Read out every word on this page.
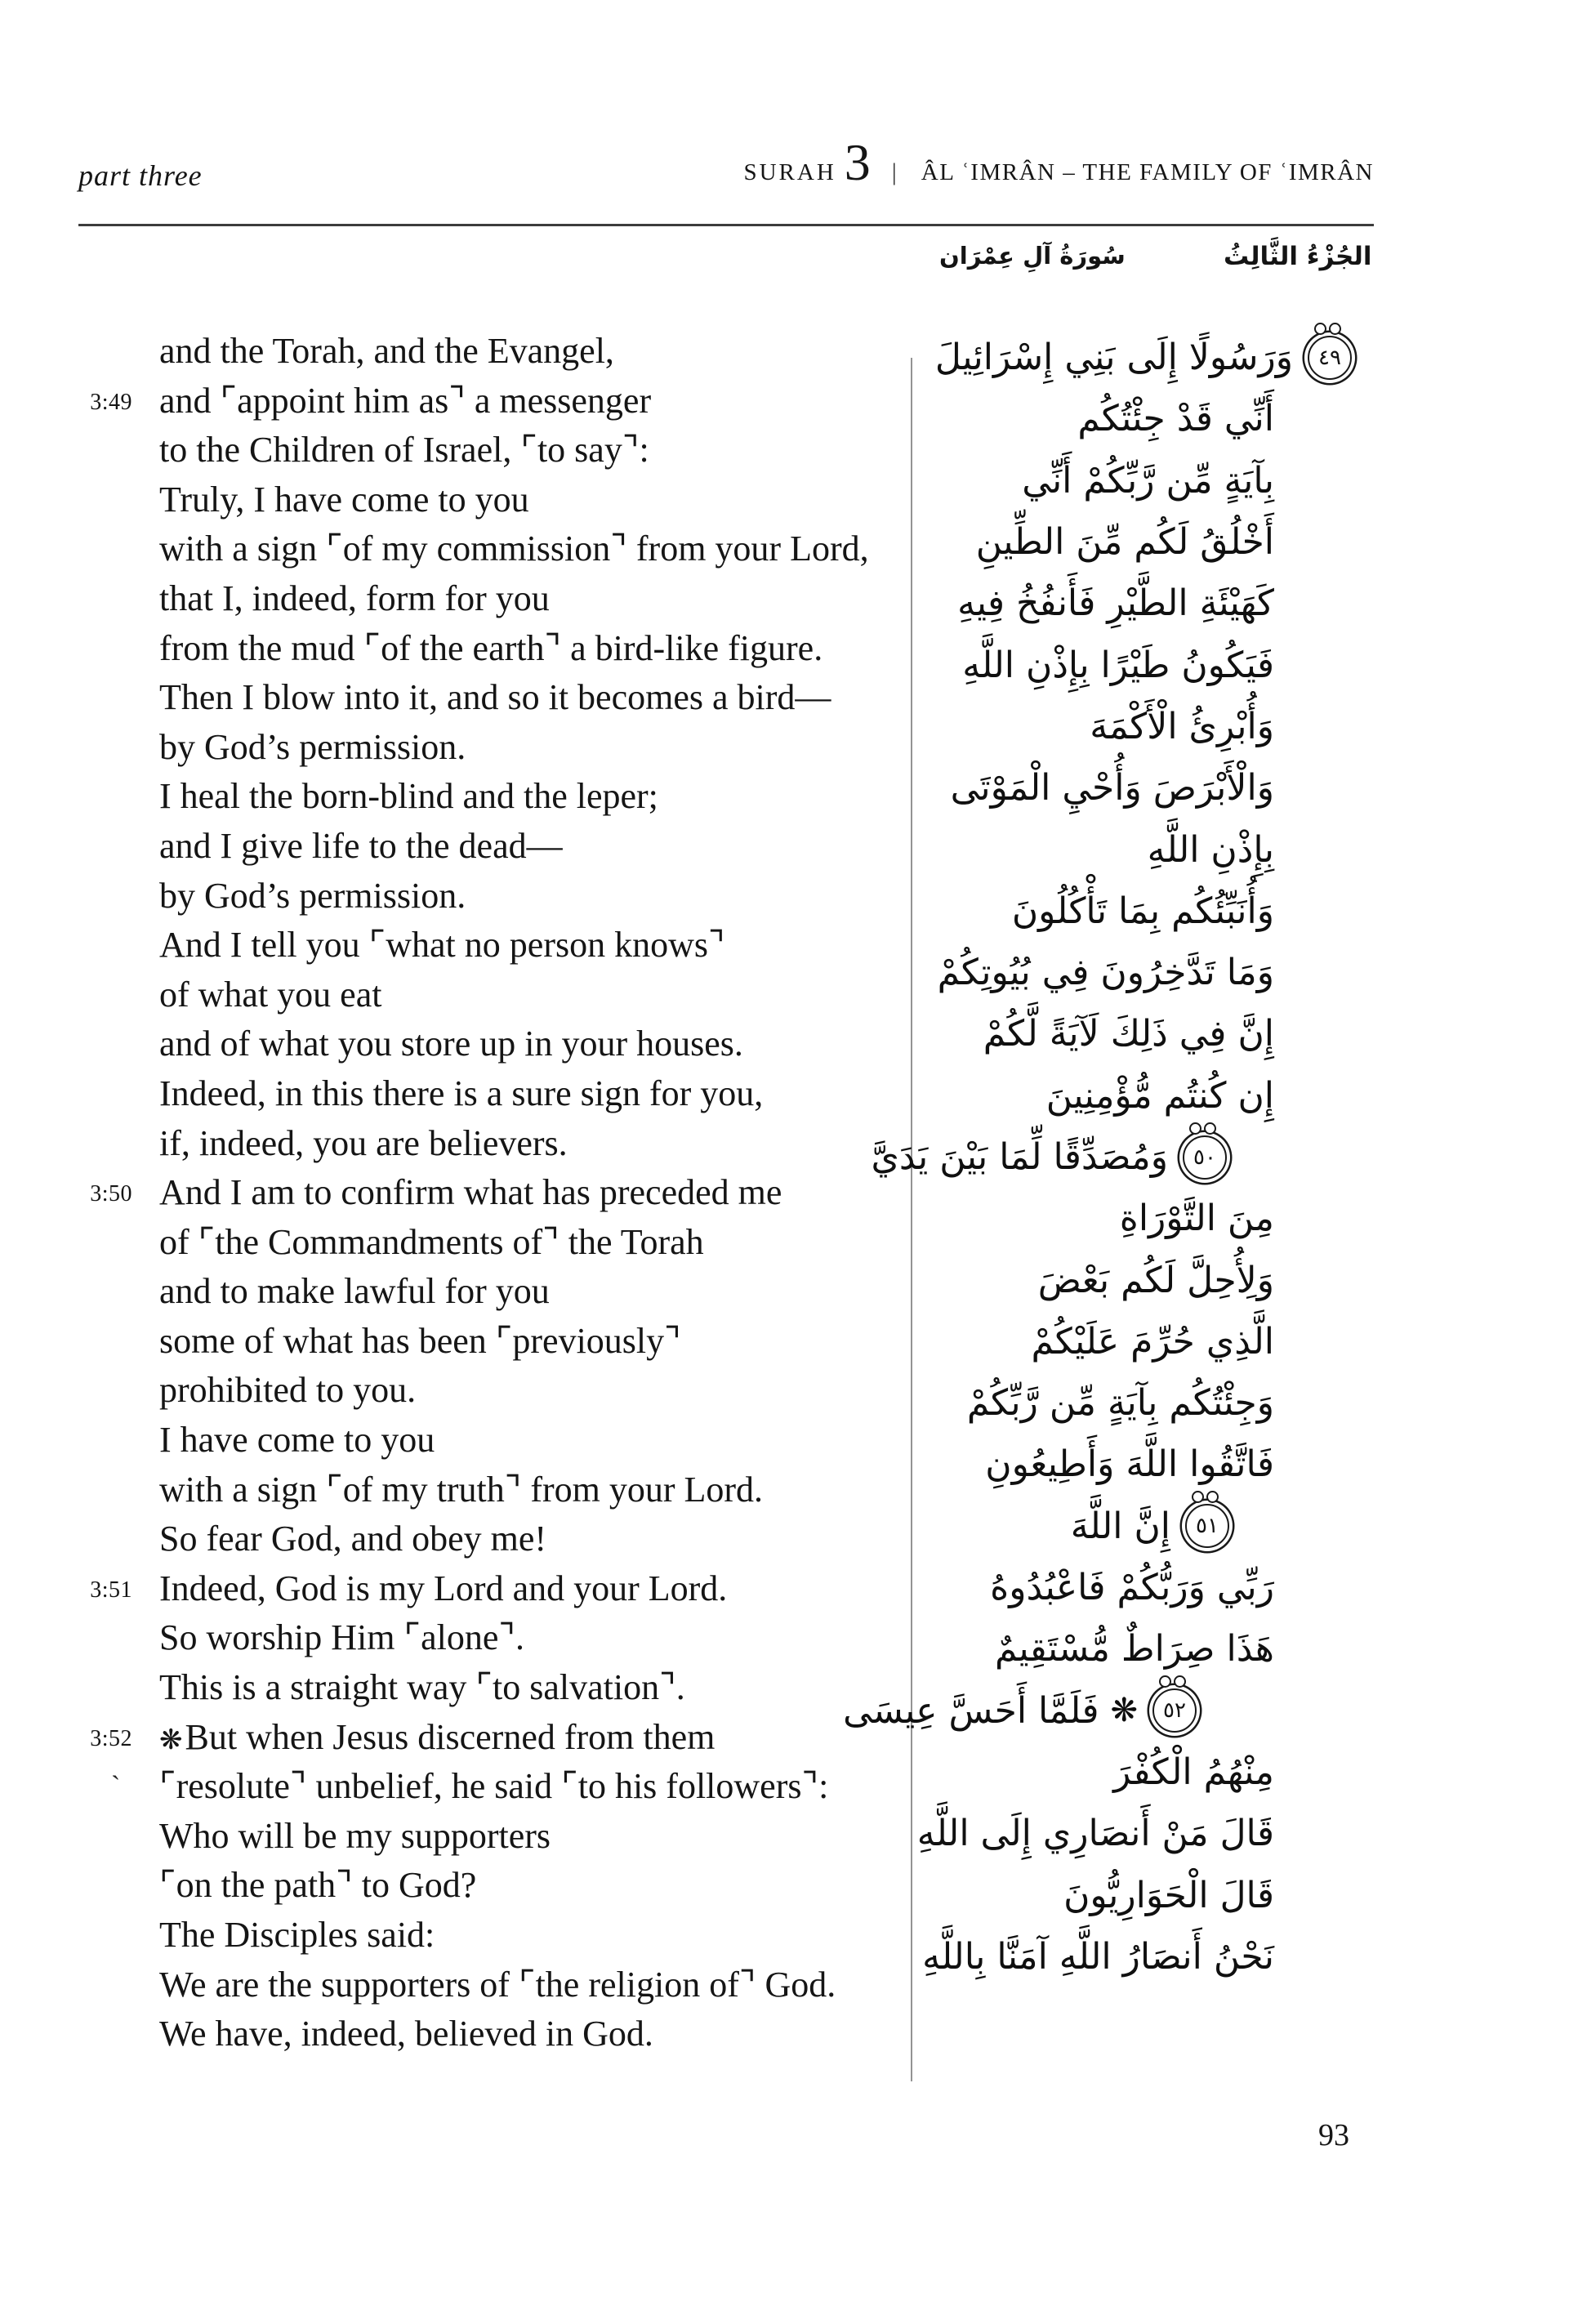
part three	SURAH 3 | ÂL ʿIMRÂN – THE FAMILY OF ʿIMRÂN
سُورَةُ آلِ عِمْرَان	الجُزْءُ الثَّالِثُ
and the Torah, and the Evangel,
3:49 and ⌜appoint him as⌝ a messenger
to the Children of Israel, ⌜to say⌝:
Truly, I have come to you
with a sign ⌜of my commission⌝ from your Lord,
that I, indeed, form for you
from the mud ⌜of the earth⌝ a bird-like figure.
Then I blow into it, and so it becomes a bird—
by God’s permission.
I heal the born-blind and the leper;
and I give life to the dead—
by God’s permission.
And I tell you ⌜what no person knows⌝
of what you eat
and of what you store up in your houses.
Indeed, in this there is a sure sign for you,
if, indeed, you are believers.
3:50 And I am to confirm what has preceded me
of ⌜the Commandments of⌝ the Torah
and to make lawful for you
some of what has been ⌜previously⌝
prohibited to you.
I have come to you
with a sign ⌜of my truth⌝ from your Lord.
So fear God, and obey me!
3:51 Indeed, God is my Lord and your Lord.
So worship Him ⌜alone⌝.
This is a straight way ⌜to salvation⌝.
3:52 ❋But when Jesus discerned from them
⌜resolute⌝ unbelief, he said ⌜to his followers⌝:
Who will be my supporters
⌜on the path⌝ to God?
The Disciples said:
We are the supporters of ⌜the religion of⌝ God.
We have, indeed, believed in God.
٤٩
وَرَسُولًا إِلَى بَنِي إِسْرَائِيلَ
أَنِّي قَدْ جِئْتُكُم
بِآيَةٍ مِّن رَّبِّكُمْ أَنِّي
أَخْلُقُ لَكُم مِّنَ الطِّينِ
كَهَيْئَةِ الطَّيْرِ فَأَنفُخُ فِيهِ
فَيَكُونُ طَيْرًا بِإِذْنِ اللَّهِ
وَأُبْرِئُ الْأَكْمَهَ
وَالْأَبْرَصَ وَأُحْيِ الْمَوْتَى
بِإِذْنِ اللَّهِ
وَأُنَبِّئُكُم بِمَا تَأْكُلُونَ
وَمَا تَدَّخِرُونَ فِي بُيُوتِكُمْ
إِنَّ فِي ذَلِكَ لَآيَةً لَّكُمْ
إِن كُنتُم مُّؤْمِنِينَ
٥٠
وَمُصَدِّقًا لِّمَا بَيْنَ يَدَيَّ
مِنَ التَّوْرَاةِ
وَلِأُحِلَّ لَكُم بَعْضَ
الَّذِي حُرِّمَ عَلَيْكُمْ
وَجِئْتُكُم بِآيَةٍ مِّن رَّبِّكُمْ
فَاتَّقُوا اللَّهَ وَأَطِيعُونِ
٥١
إِنَّ اللَّهَ
رَبِّي وَرَبُّكُمْ فَاعْبُدُوهُ
هَذَا صِرَاطٌ مُّسْتَقِيمٌ
٥٢
❋
فَلَمَّا أَحَسَّ عِيسَى
مِنْهُمُ الْكُفْرَ
قَالَ مَنْ أَنصَارِي إِلَى اللَّهِ
قَالَ الْحَوَارِيُّونَ
نَحْنُ أَنصَارُ اللَّهِ آمَنَّا بِاللَّهِ
`
93
